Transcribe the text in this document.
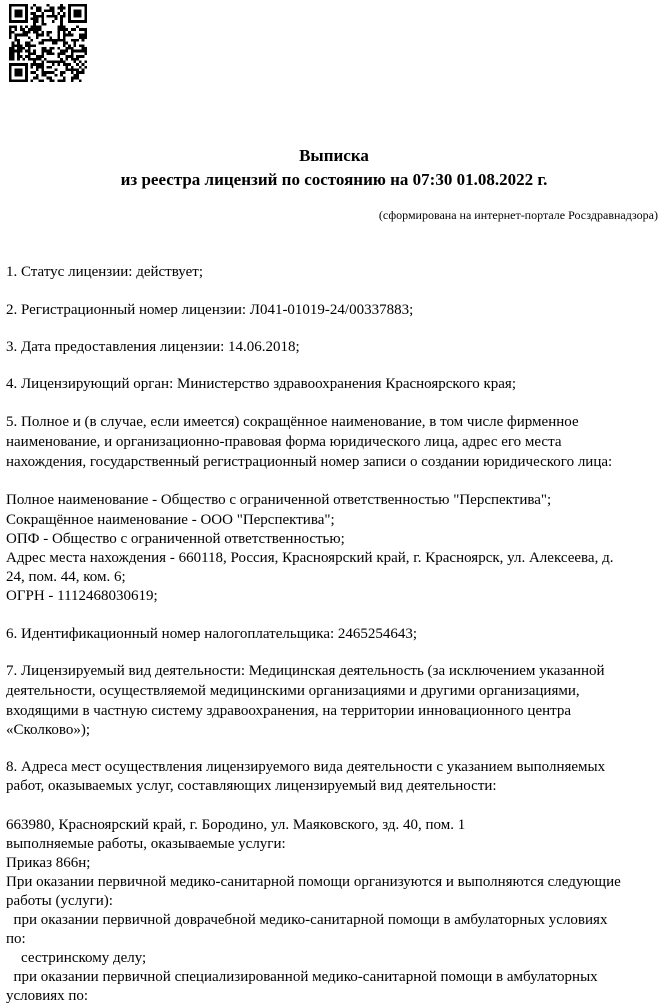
Выписка
из реестра лицензий по состоянию на 07:30 01.08.2022 г.
(сформирована на интернет-портале Росздравнадзора)
1. Статус лицензии: действует;
2. Регистрационный номер лицензии: Л041-01019-24/00337883;
3. Дата предоставления лицензии: 14.06.2018;
4. Лицензирующий орган: Министерство здравоохранения Красноярского края;
5. Полное и (в случае, если имеется) сокращённое наименование, в том числе фирменное
наименование, и организационно-правовая форма юридического лица, адрес его места
нахождения, государственный регистрационный номер записи о создании юридического лица:
Полное наименование - Общество с ограниченной ответственностью "Перспектива";
Сокращённое наименование - ООО "Перспектива";
ОПФ - Общество с ограниченной ответственностью;
Адрес места нахождения - 660118, Россия, Красноярский край, г. Красноярск, ул. Алексеева, д.
24, пом. 44, ком. 6;
ОГРН - 1112468030619;
6. Идентификационный номер налогоплательщика: 2465254643;
7. Лицензируемый вид деятельности: Медицинская деятельность (за исключением указанной
деятельности, осуществляемой медицинскими организациями и другими организациями,
входящими в частную систему здравоохранения, на территории инновационного центра
«Сколково»);
8. Адреса мест осуществления лицензируемого вида деятельности с указанием выполняемых
работ, оказываемых услуг, составляющих лицензируемый вид деятельности:
663980, Красноярский край, г. Бородино, ул. Маяковского, зд. 40, пом. 1
выполняемые работы, оказываемые услуги:
Приказ 866н;
При оказании первичной медико-санитарной помощи организуются и выполняются следующие
работы (услуги):
при оказании первичной доврачебной медико-санитарной помощи в амбулаторных условиях
по:
сестринскому делу;
при оказании первичной специализированной медико-санитарной помощи в амбулаторных
условиях по:
